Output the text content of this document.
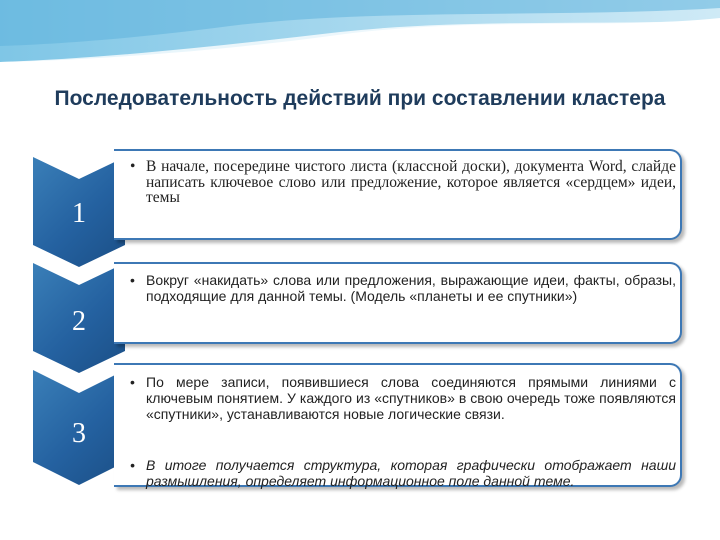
Последовательность действий при составлении кластера
1
• В начале, посередине чистого листа (классной доски), документа Word, слайде написать ключевое слово или предложение, которое является «сердцем» идеи, темы
2
• Вокруг «накидать» слова или предложения, выражающие идеи, факты, образы, подходящие для данной темы. (Модель «планеты и ее спутники»)
3
• По мере записи, появившиеся слова соединяются прямыми линиями с ключевым понятием. У каждого из «спутников» в свою очередь тоже появляются «спутники», устанавливаются новые логические связи.
• В итоге получается структура, которая графически отображает наши размышления, определяет информационное поле данной теме.
